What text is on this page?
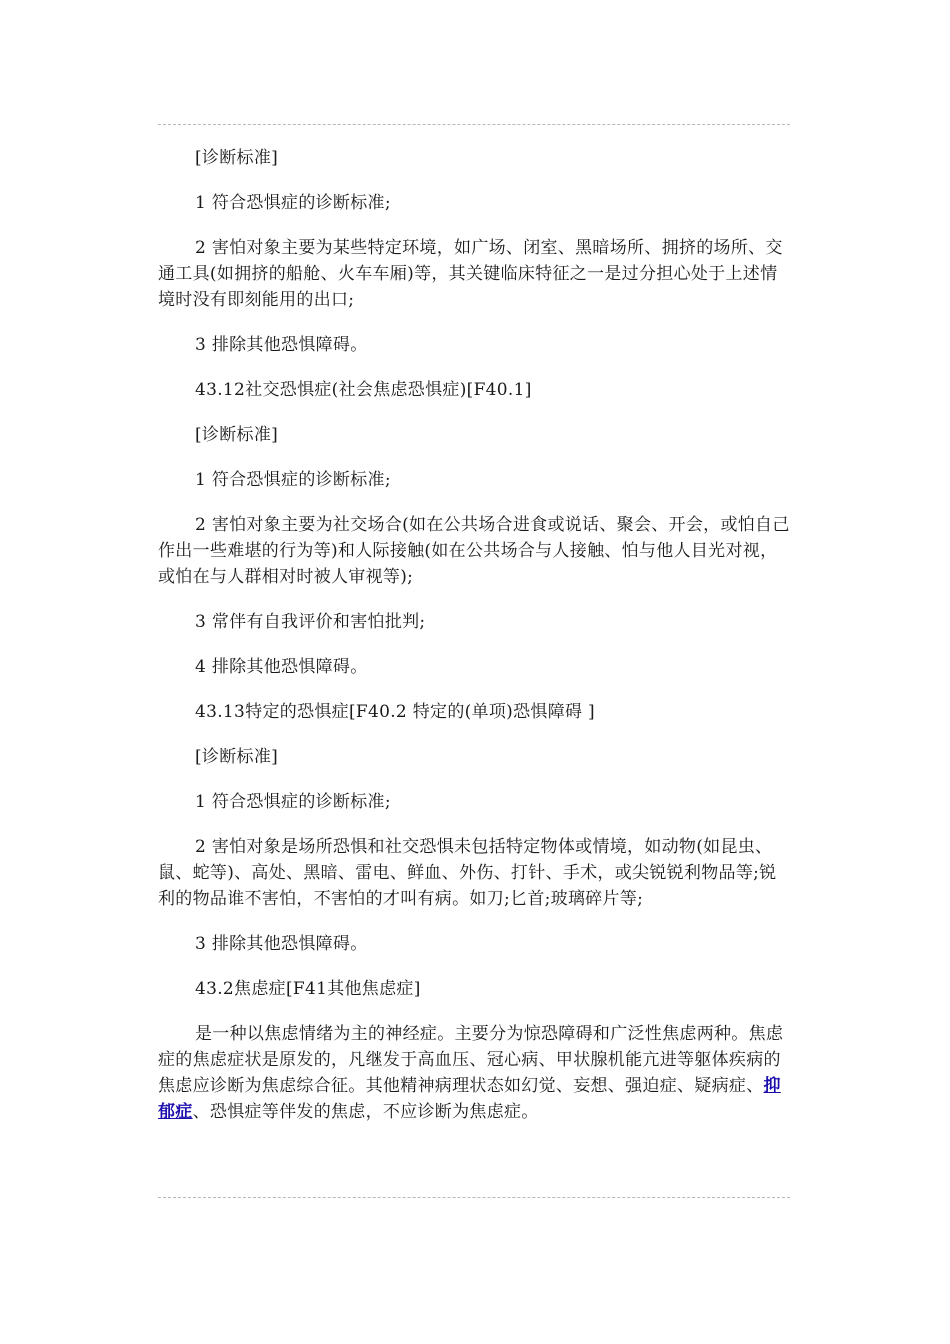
[诊断标准]

1 符合恐惧症的诊断标准;

2 害怕对象主要为某些特定环境，如广场、闭室、黑暗场所、拥挤的场所、交通工具(如拥挤的船舱、火车车厢)等，其关键临床特征之一是过分担心处于上述情境时没有即刻能用的出口;

3 排除其他恐惧障碍。

43.12社交恐惧症(社会焦虑恐惧症)[F40.1]

[诊断标准]

1 符合恐惧症的诊断标准;

2 害怕对象主要为社交场合(如在公共场合进食或说话、聚会、开会，或怕自己作出一些难堪的行为等)和人际接触(如在公共场合与人接触、怕与他人目光对视，或怕在与人群相对时被人审视等);

3 常伴有自我评价和害怕批判;

4 排除其他恐惧障碍。

43.13特定的恐惧症[F40.2 特定的(单项)恐惧障碍 ]

[诊断标准]

1 符合恐惧症的诊断标准;

2 害怕对象是场所恐惧和社交恐惧未包括特定物体或情境，如动物(如昆虫、鼠、蛇等)、高处、黑暗、雷电、鲜血、外伤、打针、手术，或尖锐锐利物品等;锐利的物品谁不害怕，不害怕的才叫有病。如刀;匕首;玻璃碎片等;

3 排除其他恐惧障碍。

43.2焦虑症[F41其他焦虑症]

是一种以焦虑情绪为主的神经症。主要分为惊恐障碍和广泛性焦虑两种。焦虑症的焦虑症状是原发的，凡继发于高血压、冠心病、甲状腺机能亢进等躯体疾病的焦虑应诊断为焦虑综合征。其他精神病理状态如幻觉、妄想、强迫症、疑病症、抑郁症、恐惧症等伴发的焦虑，不应诊断为焦虑症。
